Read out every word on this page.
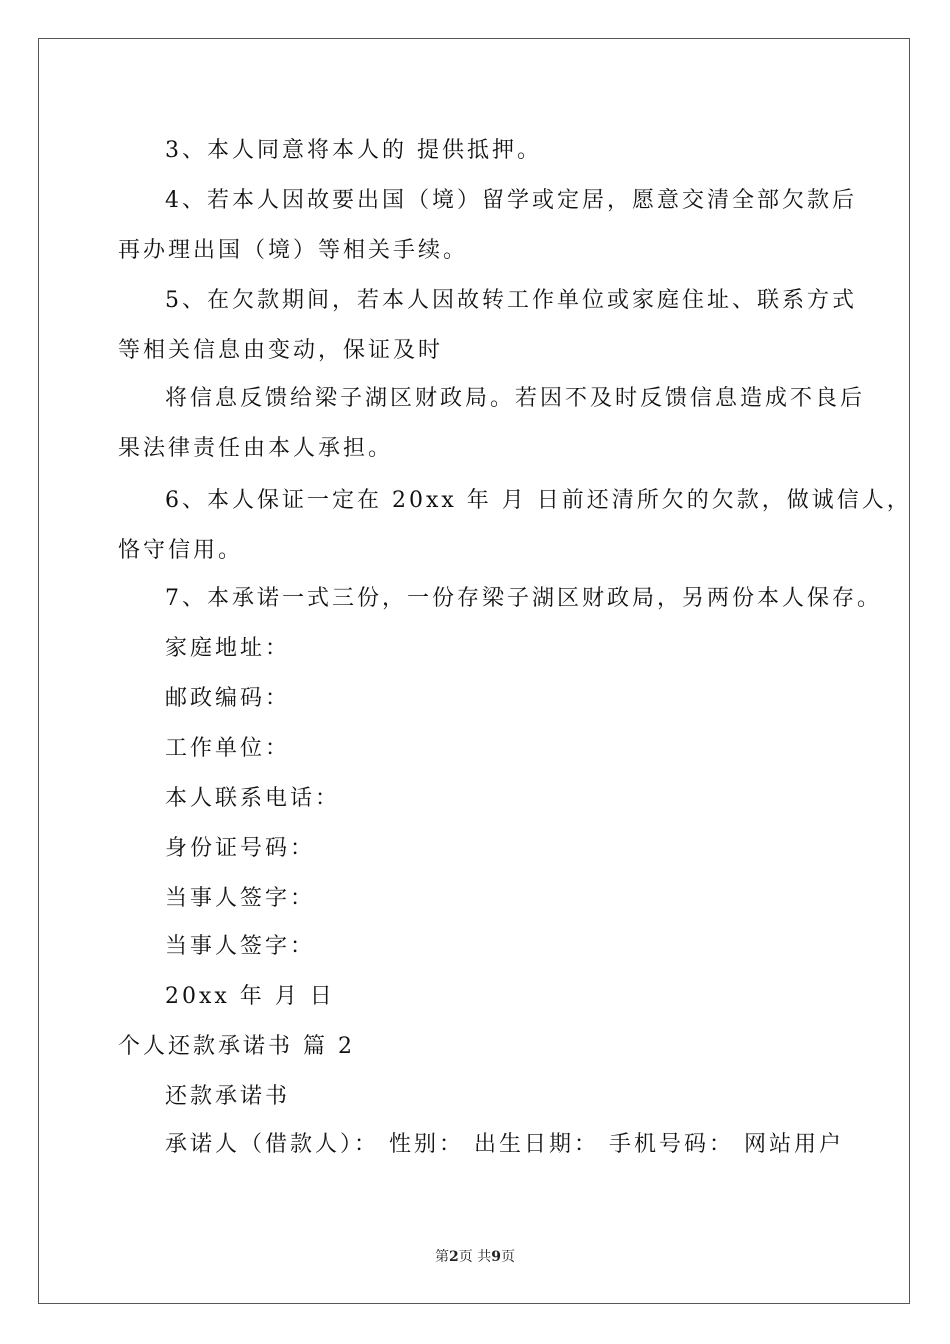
3、本人同意将本人的 提供抵押。
4、若本人因故要出国（境）留学或定居，愿意交清全部欠款后
再办理出国（境）等相关手续。
5、在欠款期间，若本人因故转工作单位或家庭住址、联系方式
等相关信息由变动，保证及时
将信息反馈给梁子湖区财政局。若因不及时反馈信息造成不良后
果法律责任由本人承担。
6、本人保证一定在 20xx 年 月 日前还清所欠的欠款，做诚信人，
恪守信用。
7、本承诺一式三份，一份存梁子湖区财政局，另两份本人保存。
家庭地址：
邮政编码：
工作单位：
本人联系电话：
身份证号码：
当事人签字：
当事人签字：
20xx 年 月 日
个人还款承诺书 篇 2
还款承诺书
承诺人（借款人）： 性别： 出生日期： 手机号码： 网站用户
第2页 共9页
